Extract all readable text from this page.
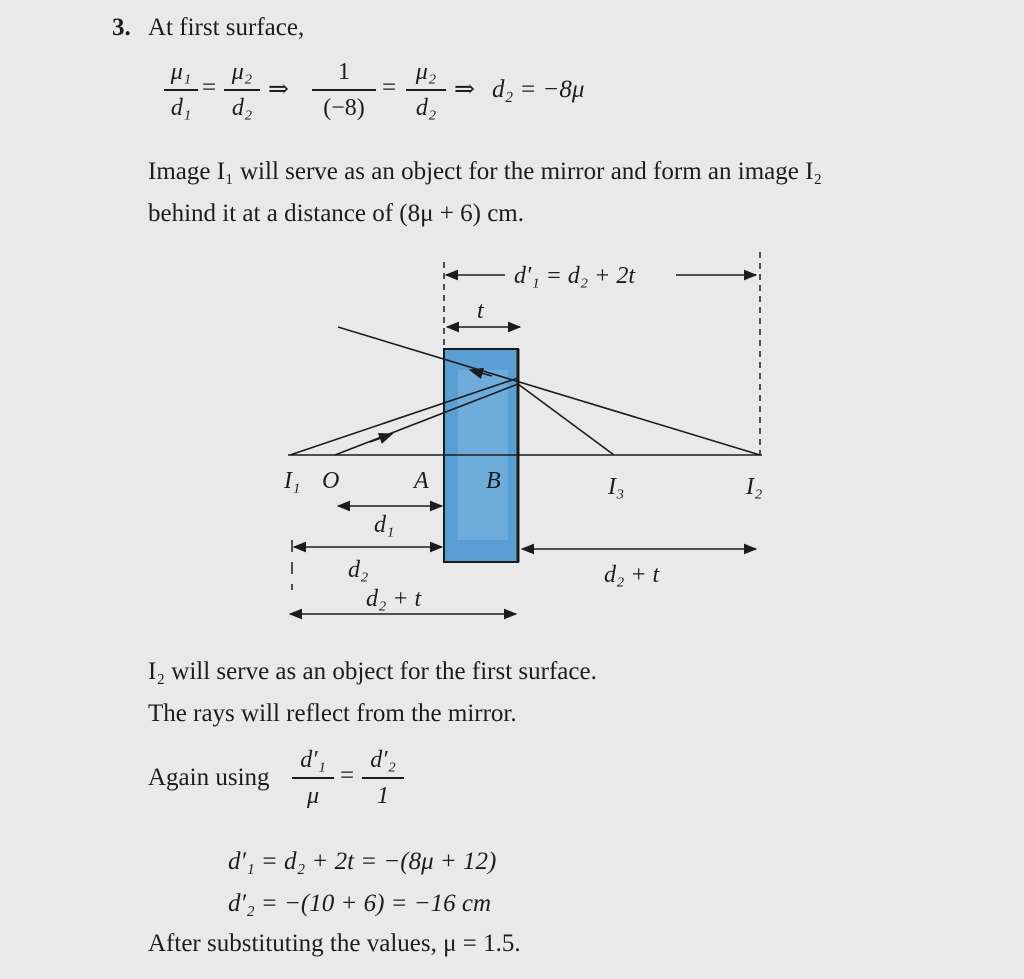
3. At first surface,
μ₁
d₁
=
μ₂
d₂
⇒
1
(−8)
=
μ₂
d₂
⇒ d₂ = −8μ
Image I₁ will serve as an object for the mirror and form an image I₂
behind it at a distance of (8μ + 6) cm.
d′₁ = d₂ + 2t
t
I₁ O	A B	I₃	I₂
d₁
d₂	d₂ + t
d₂ + t
I₂ will serve as an object for the first surface.
The rays will reflect from the mirror.
Again using
d′₁
μ
=
d′₂
1
d′₁ = d₂ + 2t = −(8μ + 12)
d′₂ = −(10 + 6) = −16 cm
After substituting the values, μ = 1.5.
